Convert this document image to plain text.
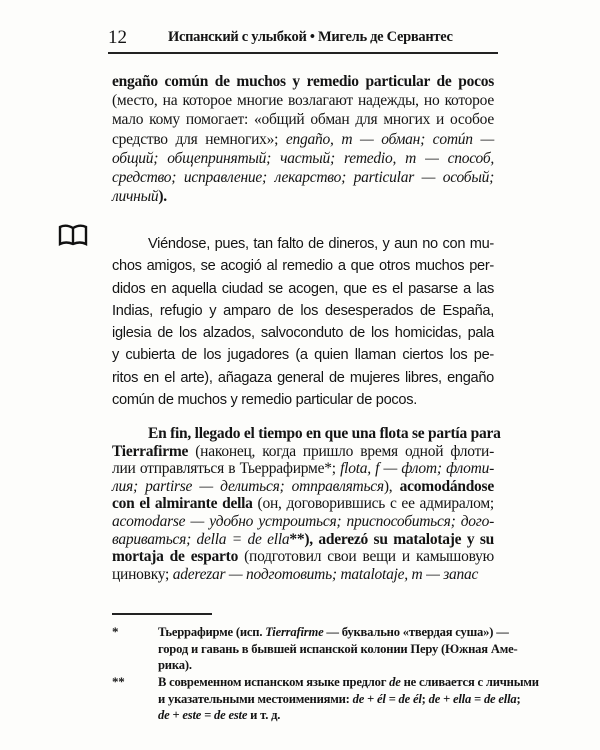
12	Испанский с улыбкой • Мигель де Сервантес
engaño común de muchos y remedio particular de pocos
(место, на которое многие возлагают надежды, но которое
мало кому помогает: «общий обман для многих и особое
средство для немногих»; engaño, m — обман; común —
общий; общепринятый; частый; remedio, m — способ,
средство; исправление; лекарство; particular — особый;
личный).
Viéndose, pues, tan falto de dineros, y aun no con mu-
chos amigos, se acogió al remedio a que otros muchos per-
didos en aquella ciudad se acogen, que es el pasarse a las
Indias, refugio y amparo de los desesperados de España,
iglesia de los alzados, salvoconduto de los homicidas, pala
y cubierta de los jugadores (a quien llaman ciertos los pe-
ritos en el arte), añagaza general de mujeres libres, engaño
común de muchos y remedio particular de pocos.
En fin, llegado el tiempo en que una flota se partía para
Tierrafirme (наконец, когда пришло время одной флоти-
лии отправляться в Тьеррафирме*; flota, f — флот; флоти-
лия; partirse — делиться; отправляться), acomodándose
con el almirante della (он, договорившись с ее адмиралом;
acomodarse — удобно устроиться; приспособиться; дого-
вариваться; della = de ella**), aderezó su matalotaje y su
mortaja de esparto (подготовил свои вещи и камышовую
циновку; aderezar — подготовить; matalotaje, m — запас
*	Тьеррафирме (исп. Tierrafirme — буквально «твердая суша») —
город и гавань в бывшей испанской колонии Перу (Южная Аме-
рика).
**	В современном испанском языке предлог de не сливается с личными
и указательными местоимениями: de + él = de él; de + ella = de ella;
de + este = de este и т. д.
